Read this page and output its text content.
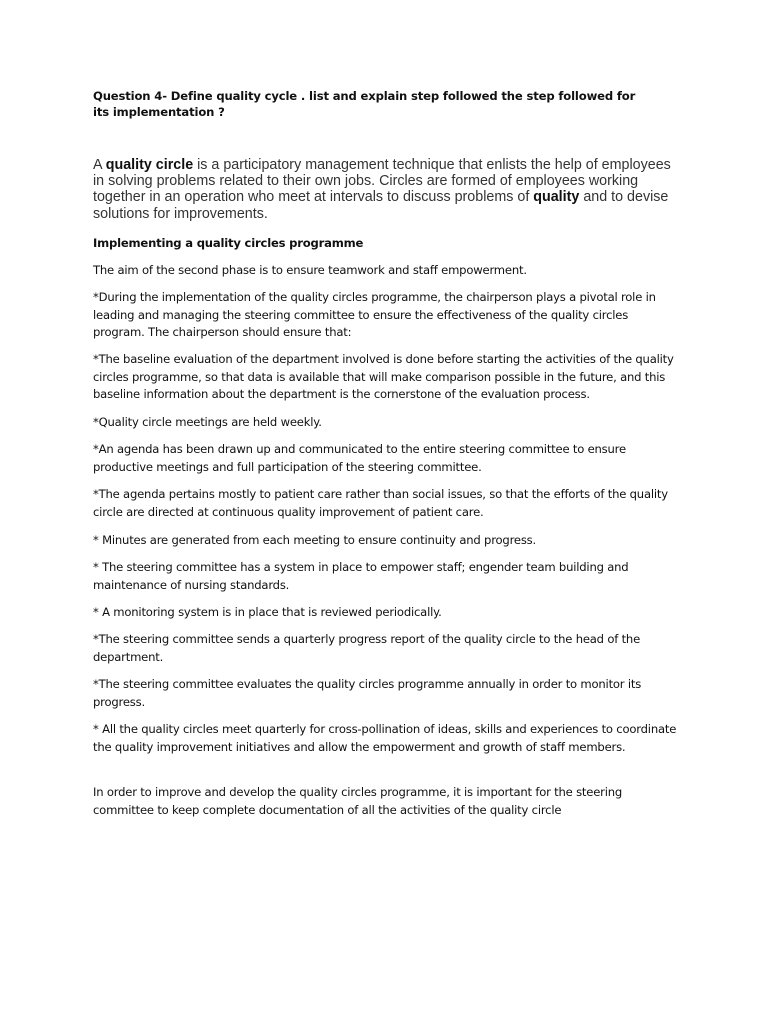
Question 4- Define quality cycle . list and explain step followed the step followed for its implementation ?
A quality circle is a participatory management technique that enlists the help of employees in solving problems related to their own jobs. Circles are formed of employees working together in an operation who meet at intervals to discuss problems of quality and to devise solutions for improvements.
Implementing a quality circles programme
The aim of the second phase is to ensure teamwork and staff empowerment.
*During the implementation of the quality circles programme, the chairperson plays a pivotal role in leading and managing the steering committee to ensure the effectiveness of the quality circles program. The chairperson should ensure that:
*The baseline evaluation of the department involved is done before starting the activities of the quality circles programme, so that data is available that will make comparison possible in the future, and this baseline information about the department is the cornerstone of the evaluation process.
*Quality circle meetings are held weekly.
*An agenda has been drawn up and communicated to the entire steering committee to ensure productive meetings and full participation of the steering committee.
*The agenda pertains mostly to patient care rather than social issues, so that the efforts of the quality circle are directed at continuous quality improvement of patient care.
* Minutes are generated from each meeting to ensure continuity and progress.
* The steering committee has a system in place to empower staff; engender team building and maintenance of nursing standards.
* A monitoring system is in place that is reviewed periodically.
*The steering committee sends a quarterly progress report of the quality circle to the head of the department.
*The steering committee evaluates the quality circles programme annually in order to monitor its progress.
* All the quality circles meet quarterly for cross-pollination of ideas, skills and experiences to coordinate the quality improvement initiatives and allow the empowerment and growth of staff members.
In order to improve and develop the quality circles programme, it is important for the steering committee to keep complete documentation of all the activities of the quality circle
